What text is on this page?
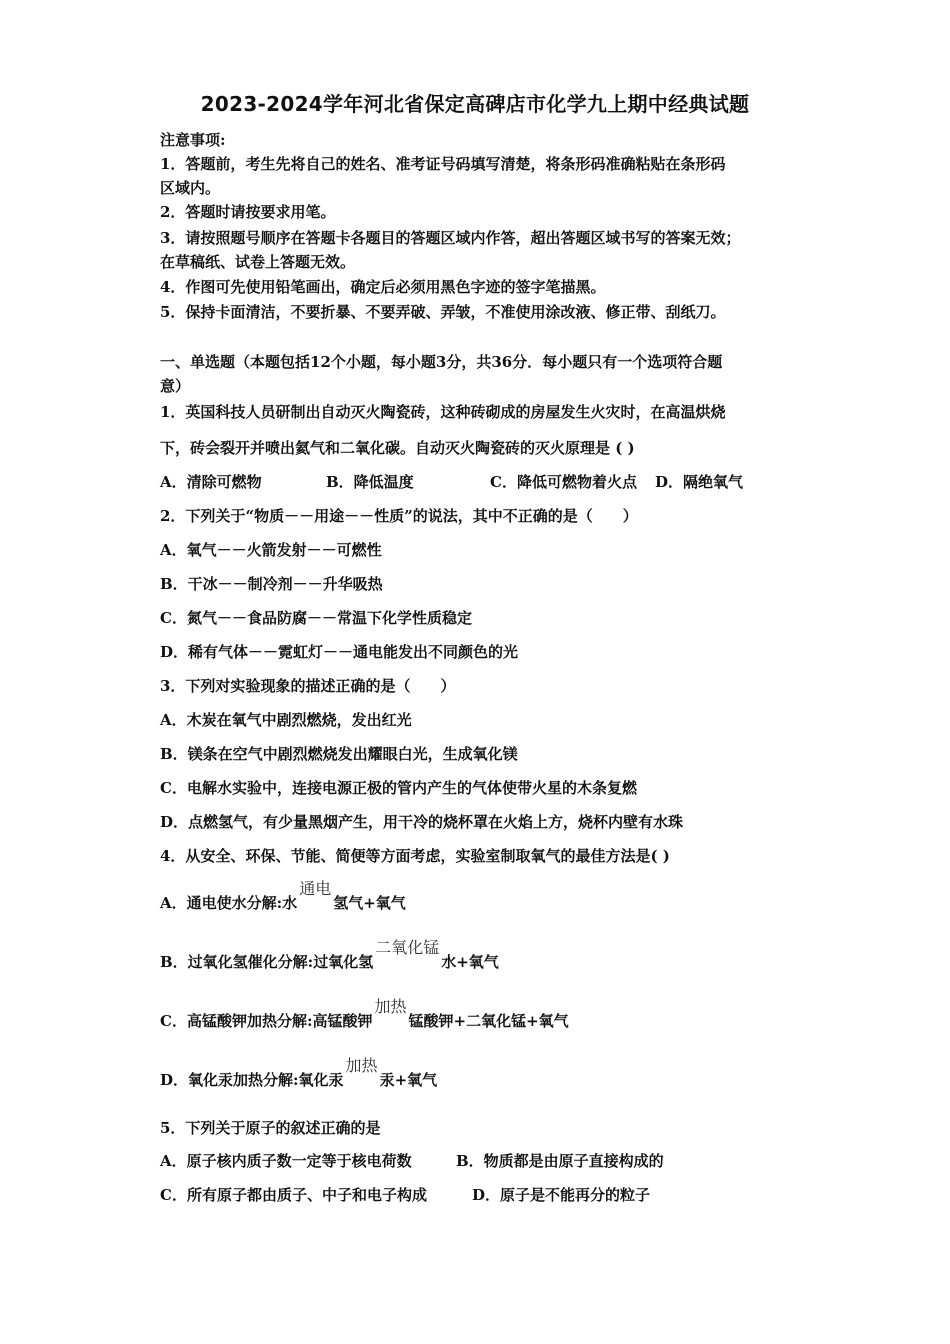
2023-2024学年河北省保定高碑店市化学九上期中经典试题
注意事项:
1．答题前，考生先将自己的姓名、准考证号码填写清楚，将条形码准确粘贴在条形码
区域内。
2．答题时请按要求用笔。
3．请按照题号顺序在答题卡各题目的答题区域内作答，超出答题区域书写的答案无效；
在草稿纸、试卷上答题无效。
4．作图可先使用铅笔画出，确定后必须用黑色字迹的签字笔描黑。
5．保持卡面清洁，不要折暴、不要弄破、弄皱，不准使用涂改液、修正带、刮纸刀。
一、单选题（本题包括12个小题，每小题3分，共36分．每小题只有一个选项符合题
意）
1．英国科技人员研制出自动灭火陶瓷砖，这种砖砌成的房屋发生火灾时，在高温烘烧
下，砖会裂开并喷出氦气和二氧化碳。自动灭火陶瓷砖的灭火原理是 ( )
A．清除可燃物	B．降低温度	C．降低可燃物着火点 D．隔绝氧气
2．下列关于“物质－－用途－－性质”的说法，其中不正确的是（　　）
A．氧气－－火箭发射－－可燃性
B．干冰－－制冷剂－－升华吸热
C．氮气－－食品防腐－－常温下化学性质稳定
D．稀有气体－－霓虹灯－－通电能发出不同颜色的光
3．下列对实验现象的描述正确的是（　　）
A．木炭在氧气中剧烈燃烧，发出红光
B．镁条在空气中剧烈燃烧发出耀眼白光，生成氧化镁
C．电解水实验中，连接电源正极的管内产生的气体使带火星的木条复燃
D．点燃氢气，有少量黑烟产生，用干冷的烧杯罩在火焰上方，烧杯内壁有水珠
4．从安全、环保、节能、简便等方面考虑，实验室制取氧气的最佳方法是( )
A．通电使水分解:水通电氢气+氧气
B．过氧化氢催化分解:过氧化氢二氧化锰水+氧气
C．高锰酸钾加热分解:高锰酸钾加热锰酸钾+二氧化锰+氧气
D．氧化汞加热分解:氧化汞加热汞+氧气
5．下列关于原子的叙述正确的是
A．原子核内质子数一定等于核电荷数	B．物质都是由原子直接构成的
C．所有原子都由质子、中子和电子构成	D．原子是不能再分的粒子
